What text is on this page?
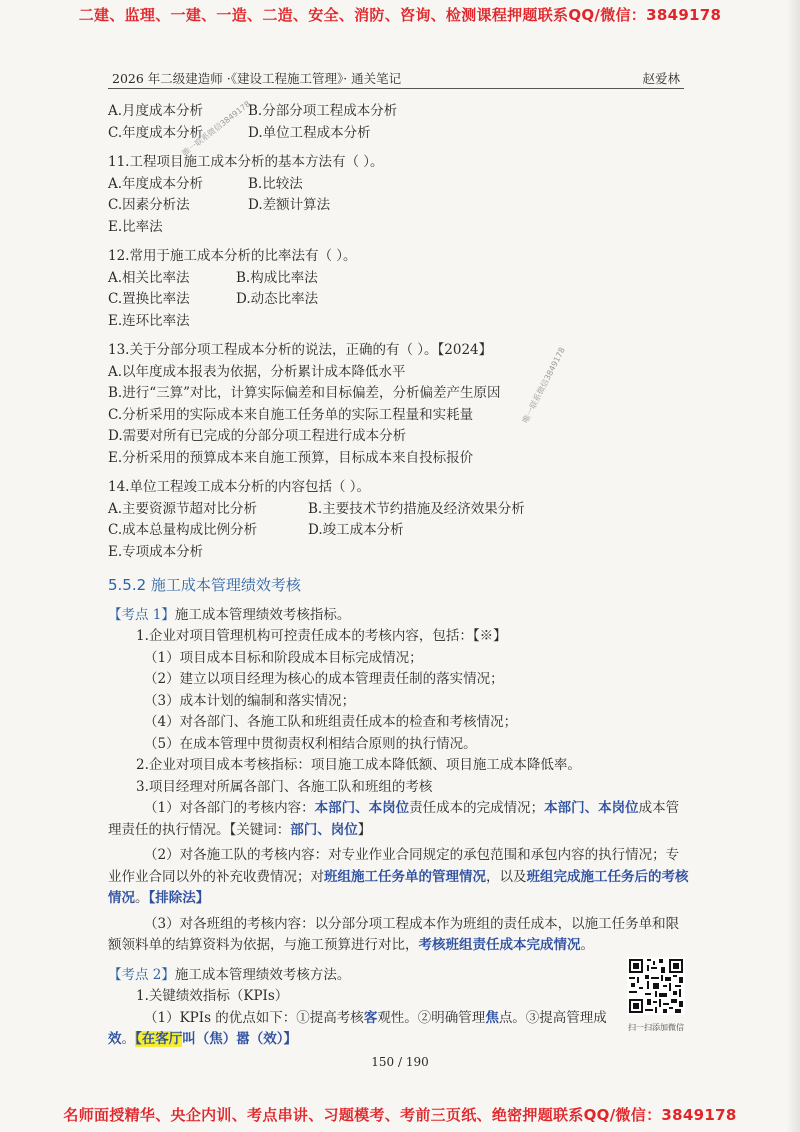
二建、监理、一建、一造、二造、安全、消防、咨询、检测课程押题联系QQ/微信：3849178
2026 年二级建造师 ·《建设工程施工管理》· 通关笔记	赵爱林
唯一联系微信3849178
唯一联系微信3849178
A.月度成本分析	B.分部分项工程成本分析
C.年度成本分析	D.单位工程成本分析
11.工程项目施工成本分析的基本方法有（ ）。
A.年度成本分析	B.比较法
C.因素分析法	D.差额计算法
E.比率法
12.常用于施工成本分析的比率法有（ ）。
A.相关比率法	B.构成比率法
C.置换比率法	D.动态比率法
E.连环比率法
13.关于分部分项工程成本分析的说法，正确的有（ ）。【2024】
A.以年度成本报表为依据，分析累计成本降低水平
B.进行“三算”对比，计算实际偏差和目标偏差，分析偏差产生原因
C.分析采用的实际成本来自施工任务单的实际工程量和实耗量
D.需要对所有已完成的分部分项工程进行成本分析
E.分析采用的预算成本来自施工预算，目标成本来自投标报价
14.单位工程竣工成本分析的内容包括（ ）。
A.主要资源节超对比分析	B.主要技术节约措施及经济效果分析
C.成本总量构成比例分析	D.竣工成本分析
E.专项成本分析
5.5.2 施工成本管理绩效考核
【考点 1】施工成本管理绩效考核指标。
1.企业对项目管理机构可控责任成本的考核内容，包括：【※】
（1）项目成本目标和阶段成本目标完成情况；
（2）建立以项目经理为核心的成本管理责任制的落实情况；
（3）成本计划的编制和落实情况；
（4）对各部门、各施工队和班组责任成本的检查和考核情况；
（5）在成本管理中贯彻责权利相结合原则的执行情况。
2.企业对项目成本考核指标：项目施工成本降低额、项目施工成本降低率。
3.项目经理对所属各部门、各施工队和班组的考核
（1）对各部门的考核内容：本部门、本岗位责任成本的完成情况；本部门、本岗位成本管理责任的执行情况。【关键词：部门、岗位】
（2）对各施工队的考核内容：对专业作业合同规定的承包范围和承包内容的执行情况；专业作业合同以外的补充收费情况；对班组施工任务单的管理情况，以及班组完成施工任务后的考核情况。【排除法】
（3）对各班组的考核内容：以分部分项工程成本作为班组的责任成本，以施工任务单和限额领料单的结算资料为依据，与施工预算进行对比，考核班组责任成本完成情况。
【考点 2】施工成本管理绩效考核方法。
1.关键绩效指标（KPIs）
（1）KPIs 的优点如下：①提高考核客观性。②明确管理焦点。③提高管理成效。【在客厅叫（焦）嚣（效）】
扫一扫添加微信
150 / 190
名师面授精华、央企内训、考点串讲、习题模考、考前三页纸、绝密押题联系QQ/微信：3849178
